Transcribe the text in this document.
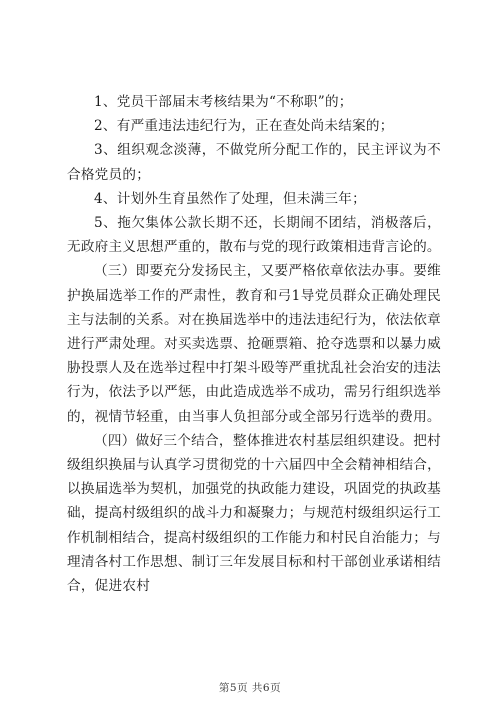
1、党员干部届末考核结果为“不称职”的；

2、有严重违法违纪行为，正在查处尚未结案的；

3、组织观念淡薄，不做党所分配工作的，民主评议为不合格党员的；

4、计划外生育虽然作了处理，但未满三年；

5、拖欠集体公款长期不还，长期闹不团结，消极落后，无政府主义思想严重的，散布与党的现行政策相违背言论的。

（三）即要充分发扬民主，又要严格依章依法办事。要维护换届选举工作的严肃性，教育和弓1导党员群众正确处理民主与法制的关系。对在换届选举中的违法违纪行为，依法依章进行严肃处理。对买卖选票、抢砸票箱、抢夺选票和以暴力威胁投票人及在选举过程中打架斗殴等严重扰乱社会治安的违法行为，依法予以严惩，由此造成选举不成功，需另行组织选举的，视情节轻重，由当事人负担部分或全部另行选举的费用。

（四）做好三个结合，整体推进农村基层组织建设。把村级组织换届与认真学习贯彻党的十六届四中全会精神相结合，以换届选举为契机，加强党的执政能力建设，巩固党的执政基础，提高村级组织的战斗力和凝聚力；与规范村级组织运行工作机制相结合，提高村级组织的工作能力和村民自治能力；与理清各村工作思想、制订三年发展目标和村干部创业承诺相结合，促进农村

第5页 共6页
